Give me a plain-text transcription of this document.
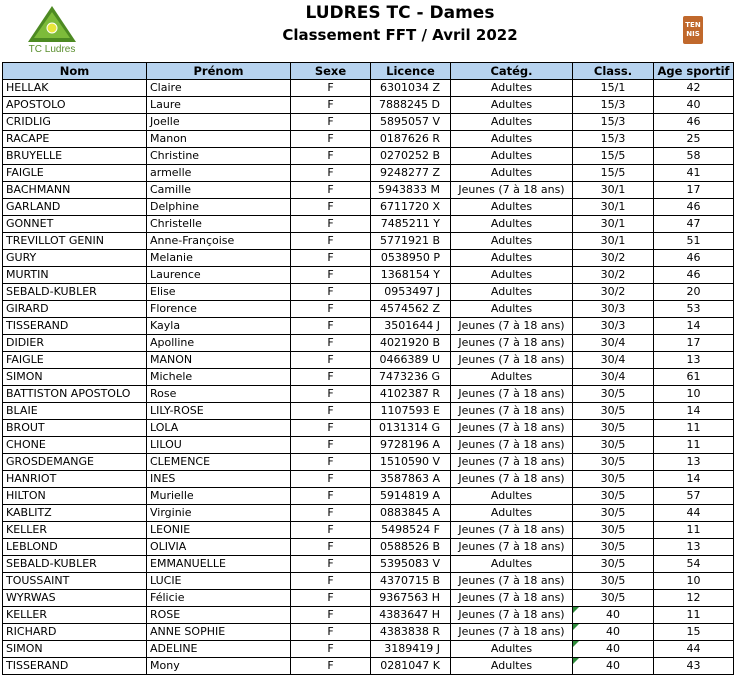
TC Ludres
LUDRES TC - Dames
Classement FFT / Avril 2022
TEN
NIS
Nom	Prénom	Sexe	Licence	Catég.	Class.	Age sportif
HELLAK	Claire	F	6301034 Z	Adultes	15/1	42
APOSTOLO	Laure	F	7888245 D	Adultes	15/3	40
CRIDLIG	Joelle	F	5895057 V	Adultes	15/3	46
RACAPE	Manon	F	0187626 R	Adultes	15/3	25
BRUYELLE	Christine	F	0270252 B	Adultes	15/5	58
FAIGLE	armelle	F	9248277 Z	Adultes	15/5	41
BACHMANN	Camille	F	5943833 M	Jeunes (7 à 18 ans)	30/1	17
GARLAND	Delphine	F	6711720 X	Adultes	30/1	46
GONNET	Christelle	F	7485211 Y	Adultes	30/1	47
TREVILLOT GENIN	Anne-Françoise	F	5771921 B	Adultes	30/1	51
GURY	Melanie	F	0538950 P	Adultes	30/2	46
MURTIN	Laurence	F	1368154 Y	Adultes	30/2	46
SEBALD-KUBLER	Elise	F	0953497 J	Adultes	30/2	20
GIRARD	Florence	F	4574562 Z	Adultes	30/3	53
TISSERAND	Kayla	F	3501644 J	Jeunes (7 à 18 ans)	30/3	14
DIDIER	Apolline	F	4021920 B	Jeunes (7 à 18 ans)	30/4	17
FAIGLE	MANON	F	0466389 U	Jeunes (7 à 18 ans)	30/4	13
SIMON	Michele	F	7473236 G	Adultes	30/4	61
BATTISTON APOSTOLO	Rose	F	4102387 R	Jeunes (7 à 18 ans)	30/5	10
BLAIE	LILY-ROSE	F	1107593 E	Jeunes (7 à 18 ans)	30/5	14
BROUT	LOLA	F	0131314 G	Jeunes (7 à 18 ans)	30/5	11
CHONE	LILOU	F	9728196 A	Jeunes (7 à 18 ans)	30/5	11
GROSDEMANGE	CLEMENCE	F	1510590 V	Jeunes (7 à 18 ans)	30/5	13
HANRIOT	INES	F	3587863 A	Jeunes (7 à 18 ans)	30/5	14
HILTON	Murielle	F	5914819 A	Adultes	30/5	57
KABLITZ	Virginie	F	0883845 A	Adultes	30/5	44
KELLER	LEONIE	F	5498524 F	Jeunes (7 à 18 ans)	30/5	11
LEBLOND	OLIVIA	F	0588526 B	Jeunes (7 à 18 ans)	30/5	13
SEBALD-KUBLER	EMMANUELLE	F	5395083 V	Adultes	30/5	54
TOUSSAINT	LUCIE	F	4370715 B	Jeunes (7 à 18 ans)	30/5	10
WYRWAS	Félicie	F	9367563 H	Jeunes (7 à 18 ans)	30/5	12
KELLER	ROSE	F	4383647 H	Jeunes (7 à 18 ans)	40	11
RICHARD	ANNE SOPHIE	F	4383838 R	Jeunes (7 à 18 ans)	40	15
SIMON	ADELINE	F	3189419 J	Adultes	40	44
TISSERAND	Mony	F	0281047 K	Adultes	40	43
